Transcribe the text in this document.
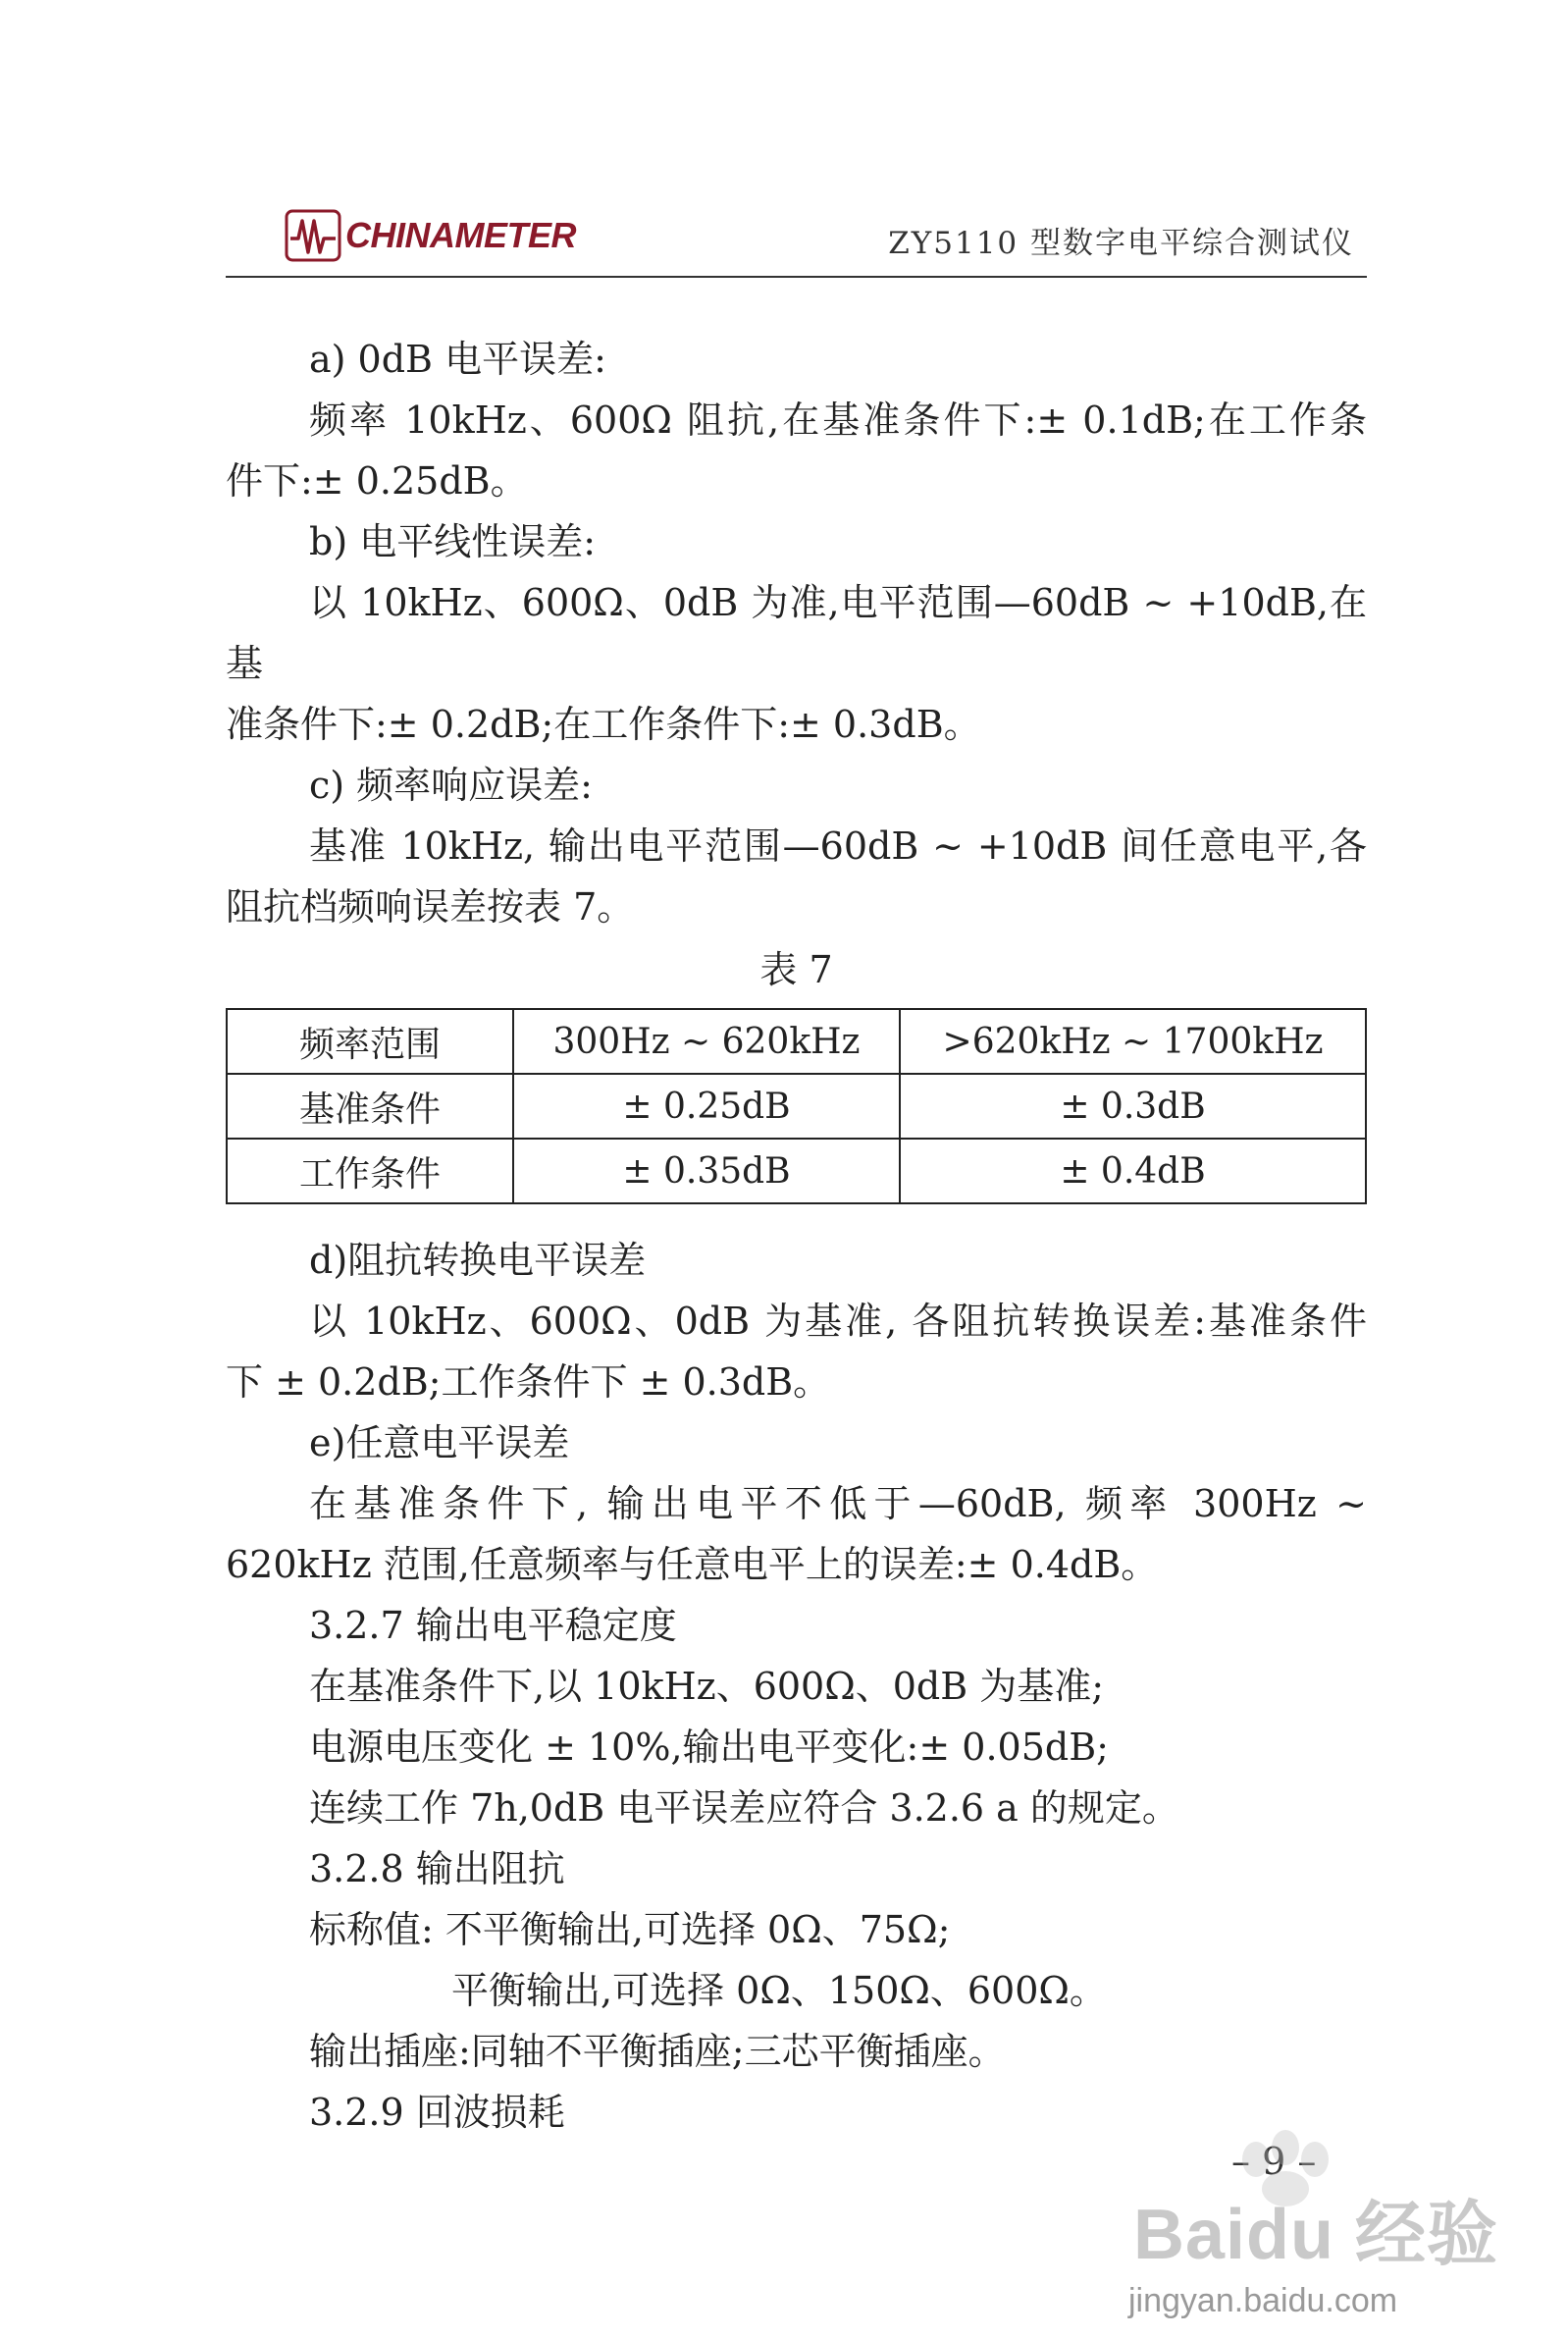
CHINAMETER	ZY5110 型数字电平综合测试仪

a) 0dB 电平误差:

频率 10kHz、600Ω 阻抗,在基准条件下:± 0.1dB;在工作条

件下:± 0.25dB。

b) 电平线性误差:

以 10kHz、600Ω、0dB 为准,电平范围—60dB ~ +10dB,在基

准条件下:± 0.2dB;在工作条件下:± 0.3dB。

c) 频率响应误差:

基准 10kHz, 输出电平范围—60dB ~ +10dB 间任意电平,各

阻抗档频响误差按表 7。

表 7
频率范围	300Hz ~ 620kHz	>620kHz ~ 1700kHz
基准条件	± 0.25dB	± 0.3dB
工作条件	± 0.35dB	± 0.4dB

d)阻抗转换电平误差

以 10kHz、600Ω、0dB 为基准, 各阻抗转换误差:基准条件

下 ± 0.2dB;工作条件下 ± 0.3dB。

e)任意电平误差

在基准条件下, 输出电平不低于—60dB, 频率 300Hz ~

620kHz 范围,任意频率与任意电平上的误差:± 0.4dB。

3.2.7 输出电平稳定度

在基准条件下,以 10kHz、600Ω、0dB 为基准;

电源电压变化 ± 10%,输出电平变化:± 0.05dB;

连续工作 7h,0dB 电平误差应符合 3.2.6 a 的规定。

3.2.8 输出阻抗

标称值: 不平衡输出,可选择 0Ω、75Ω;

平衡输出,可选择 0Ω、150Ω、600Ω。

输出插座:同轴不平衡插座;三芯平衡插座。

3.2.9 回波损耗

– 9 –
Baidu 经验
jingyan.baidu.com
